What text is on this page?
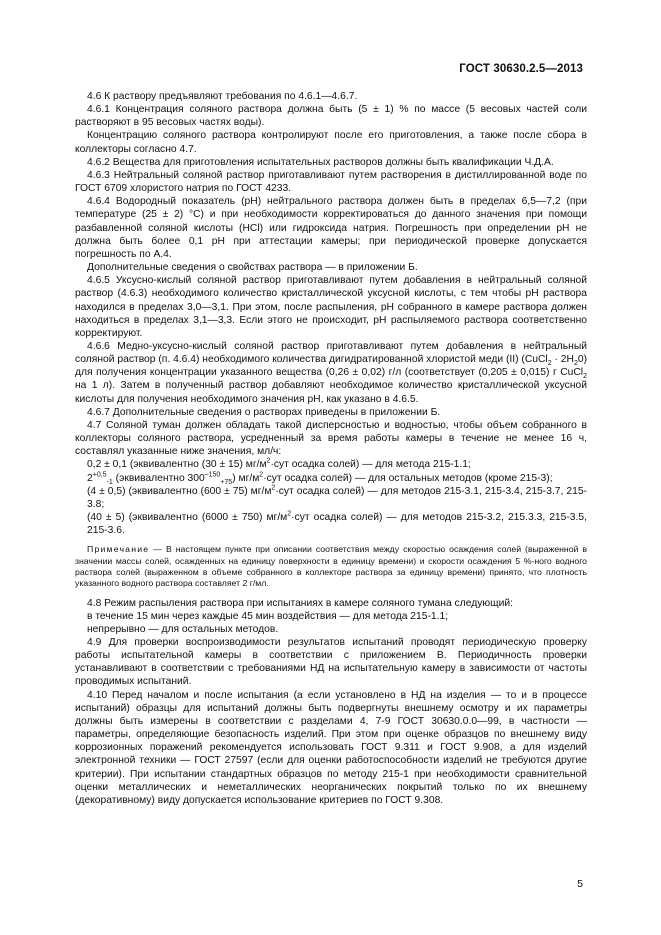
ГОСТ 30630.2.5—2013

4.6 К раствору предъявляют требования по 4.6.1—4.6.7.

4.6.1 Концентрация соляного раствора должна быть (5 ± 1) % по массе (5 весовых частей соли растворяют в 95 весовых частях воды).

Концентрацию соляного раствора контролируют после его приготовления, а также после сбора в коллекторы согласно 4.7.

4.6.2 Вещества для приготовления испытательных растворов должны быть квалификации Ч.Д.А.

4.6.3 Нейтральный соляной раствор приготавливают путем растворения в дистиллированной воде по ГОСТ 6709 хлористого натрия по ГОСТ 4233.

4.6.4 Водородный показатель (pH) нейтрального раствора должен быть в пределах 6,5—7,2 (при температуре (25 ± 2) °С) и при необходимости корректироваться до данного значения при помощи разбавленной соляной кислоты (HCl) или гидроксида натрия. Погрешность при определении pH не должна быть более 0,1 pH при аттестации камеры; при периодической проверке допускается погрешность по А.4.

Дополнительные сведения о свойствах раствора — в приложении Б.

4.6.5 Уксусно-кислый соляной раствор приготавливают путем добавления в нейтральный соляной раствор (4.6.3) необходимого количество кристаллической уксусной кислоты, с тем чтобы pH раствора находился в пределах 3,0—3,1. При этом, после распыления, pH собранного в камере раствора должен находиться в пределах 3,1—3,3. Если этого не происходит, pH распыляемого раствора соответственно корректируют.

4.6.6 Медно-уксусно-кислый соляной раствор приготавливают путем добавления в нейтральный соляной раствор (п. 4.6.4) необходимого количества дигидратированной хлористой меди (II) (CuCl$_2$ · $2H_20$) для получения концентрации указанного вещества (0,26 ± 0,02) г/л (соответствует (0,205 ± 0,015) г CuCl$_2$ на 1 л). Затем в полученный раствор добавляют необходимое количество кристаллической уксусной кислоты для получения необходимого значения pH, как указано в 4.6.5.

4.6.7 Дополнительные сведения о растворах приведены в приложении Б.

4.7 Соляной туман должен обладать такой дисперсностью и водностью, чтобы объем собранного в коллекторы соляного раствора, усредненный за время работы камеры в течение не менее 16 ч, составлял указанные ниже значения, мл/ч:

0,2 ± 0,1 (эквивалентно (30 ± 15) $мг/м^2\cdot сут$ осадка солей) — для метода 215-1.1;

$2^{+0,5}_{-1}$ (эквивалентно $300^{-150}_{+75}$) $мг/м^2\cdot сут$ осадка солей) — для остальных методов (кроме 215-3);

(4 ± 0,5) (эквивалентно (600 ± 75) $мг/м^2\cdot сут$ осадка солей) — для методов 215-3.1, 215-3.4, 215-3.7, 215-3.8;

(40 ± 5) (эквивалентно (6000 ± 750) $мг/м^2\cdot сут$ осадка солей) — для методов 215-3.2, 215.3.3, 215-3.5, 215-3.6.

Примечание — В настоящем пункте при описании соответствия между скоростью осаждения солей (выраженной в значении массы солей, осажденных на единицу поверхности в единицу времени) и скорости осаждения 5 %-ного водного раствора солей (выраженном в объеме собранного в коллекторе раствора за единицу времени) принято, что плотность указанного водного раствора составляет 2 г/мл.

4.8 Режим распыления раствора при испытаниях в камере соляного тумана следующий:

в течение 15 мин через каждые 45 мин воздействия — для метода 215-1.1;

непрерывно — для остальных методов.

4.9 Для проверки воспроизводимости результатов испытаний проводят периодическую проверку работы испытательной камеры в соответствии с приложением В. Периодичность проверки устанавливают в соответствии с требованиями НД на испытательную камеру в зависимости от частоты проводимых испытаний.

4.10 Перед началом и после испытания (а если установлено в НД на изделия — то и в процессе испытаний) образцы для испытаний должны быть подвергнуты внешнему осмотру и их параметры должны быть измерены в соответствии с разделами 4, 7-9 ГОСТ 30630.0.0—99, в частности — параметры, определяющие безопасность изделий. При этом при оценке образцов по внешнему виду коррозионных поражений рекомендуется использовать ГОСТ 9.311 и ГОСТ 9.908, а для изделий электронной техники — ГОСТ 27597 (если для оценки работоспособности изделий не требуются другие критерии). При испытании стандартных образцов по методу 215-1 при необходимости сравнительной оценки металлических и неметаллических неорганических покрытий только по их внешнему (декоративному) виду допускается использование критериев по ГОСТ 9.308.

5
